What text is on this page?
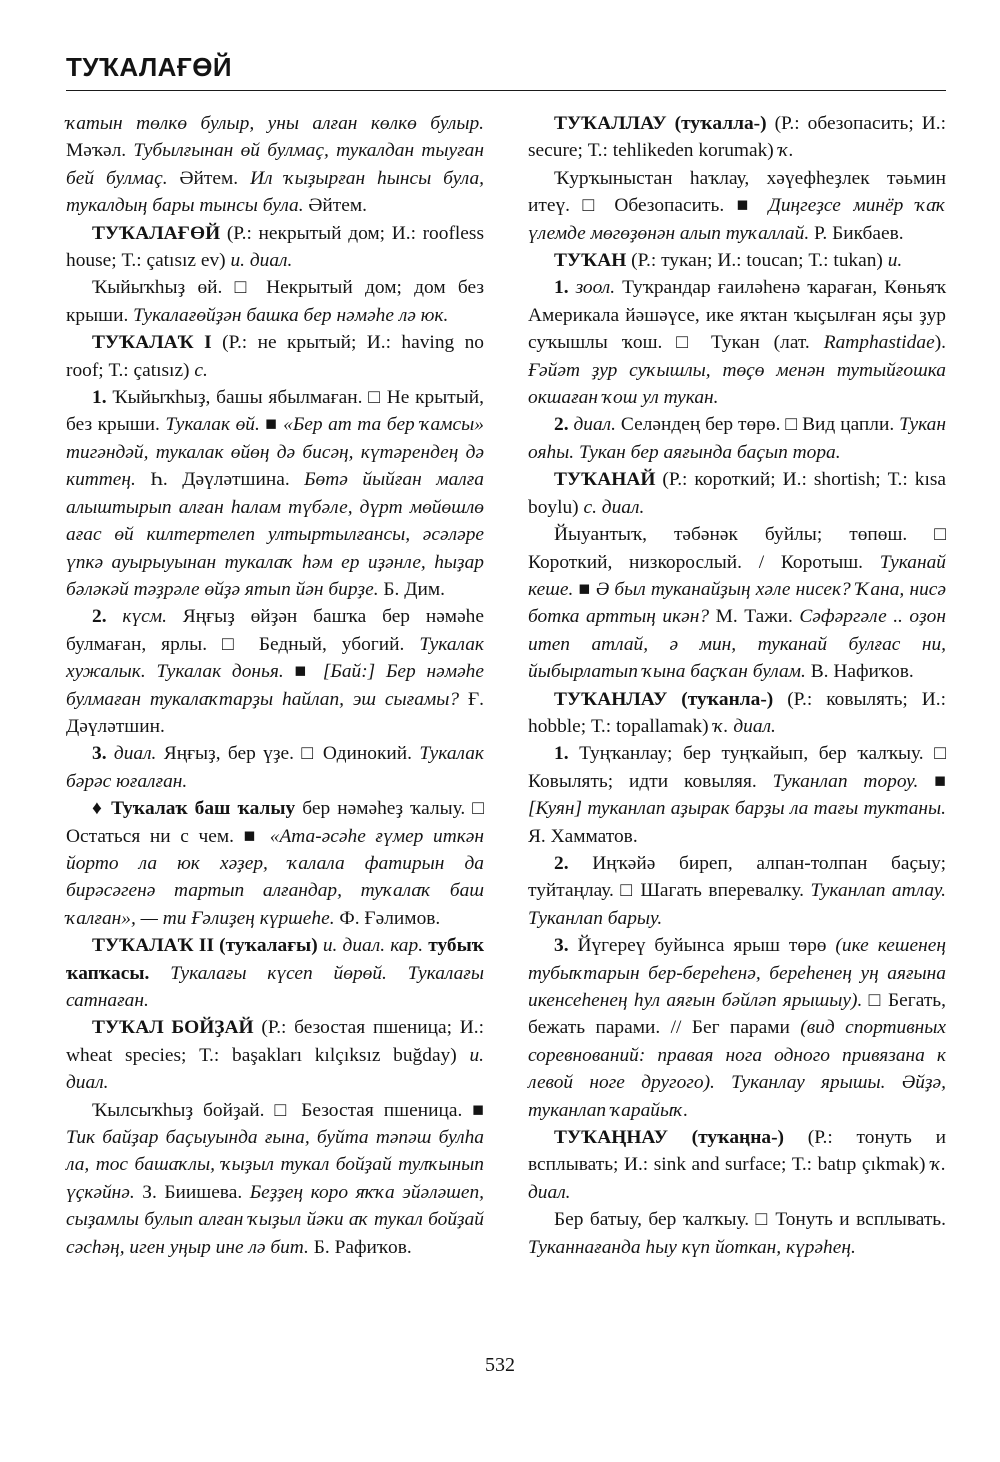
ТУҠАЛАҒӨЙ

ҡатын төлкө булыр, уны алған көлкө булыр. Мәҡәл. Тубылғынан өй булмаç, тукалдан тыуған бей булмаç. Әйтем. Ил ҡыҙырған һынсы була, тукалдың бары тынсы була. Әйтем.

ТУҠАЛАҒӨЙ (Р.: некрытый дом; И.: roofless house; Т.: çatısız ev) и. диал.

Ҡыйыҡһыҙ өй. □ Некрытый дом; дом без крыши. Тукалағөйҙән башка бер нәмәһе лә юк.

ТУҠАЛАҠ I (Р.: не крытый; И.: having no roof; Т.: çatısız) с.

1. Ҡыйыҡһыҙ, башы ябылмаған. □ Не крытый, без крыши. Тукалак өй. ■ «Бер ат та бер ҡамсы» тигәндәй, тукалак өйөң дә бисәң, күтәрендең дә киттең. Һ. Дәүләтшина. Бөтә йыйған малға алыштырып алған һалам түбәле, дүрт мөйөшлө ағас өй килтертелеп ултыртылғансы, әсәләре үпкә ауырыуынан тукалаҡ һәм ер иҙәнле, һыҙар бәләкәй тәҙрәле өйҙә ятып йән бирҙе. Б. Дим.

2. күсм. Яңғыҙ өйҙән башҡа бер нәмәһе булмаған, ярлы. □ Бедный, убогий. Тукалак хужалык. Тукалак донья. ■ [Бай:] Бер нәмәһе булмаған тукалаҡтарҙы һайлап, эш сығамы? Ғ. Дәүләтшин.

3. диал. Яңғыҙ, бер үҙе. □ Одинокий. Тукалак бәрәс юғалған.

♦ Туҡалаҡ баш ҡалыу бер нәмәһеҙ ҡалыу. □ Остаться ни с чем. ■ «Ата-әсәһе ғүмер иткән йорто ла юк хәҙер, ҡалала фатирын да бирәсәгенә тартып алғандар, туҡалаҡ баш ҡалған», — ти Ғәлиҙең күршеһе. Ф. Ғәлимов.

ТУҠАЛАҠ II (туҡалағы) и. диал. кар. тубыҡ ҡапҡасы. Тукалағы күсеп йөрөй. Тукалағы сатнаған.

ТУҠАЛ БОЙҘАЙ (Р.: безостая пшеница; И.: wheat species; Т.: başakları kılçıksız buğday) и. диал.

Ҡылсыҡһыҙ бойҙай. □ Безостая пшеница. ■ Тик байҙар баҫыуында ғына, буйта тәпәш булһа ла, тос башаҡлы, ҡыҙыл тукал бойҙай тулҡынып үҫкәйнә. З. Биишева. Беҙҙең коро яҡҡа эйәләшеп, сыҙамлы булып алған ҡыҙыл йәки аҡ тукал бойҙай сәсһәң, иген уңыр ине лә бит. Б. Рафиҡов.

ТУҠАЛЛАУ (туҡалла-) (Р.: обезопасить; И.: secure; Т.: tehlikeden korumak) ҡ.

Ҡурҡыныстан һаҡлау, хәүефһеҙлек тәьмин итеү. □ Обезопасить. ■ Диңгеҙсе минёр ҡаҡ үлемде мөгөҙөнән алып туҡаллай. Р. Бикбаев.

ТУҠАН (Р.: тукан; И.: toucan; Т.: tukan) и.

1. зоол. Туҡрандар ғаиләһенә ҡараған, Көньяҡ Америкала йәшәүсе, ике яҡтан ҡыҫылған яҫы ҙур суҡышлы ҡош. □ Тукан (лат. Ramphastidae). Ғәйәт ҙур суҡышлы, төҫө менән тутыйғошка окшаған ҡош ул тукан.

2. диал. Селәндең бер төрө. □ Вид цапли. Тукан ояһы. Тукан бер аяғында баҫып тора.

ТУҠАНАЙ (Р.: короткий; И.: shortish; Т.: kısa boylu) с. диал.

Йыуантыҡ, тәбәнәк буйлы; төпөш. □ Короткий, низкорослый. / Коротыш. Туканай кеше. ■ Ә был туканайҙың хәле нисек? Ҡана, нисә ботка арттың икән? М. Тажи. Сәфәргәле .. оҙон итеп атлай, ә мин, туканай булғас ни, йыбырлатып ҡына баҫҡан булам. В. Нафиҡов.

ТУҠАНЛАУ (туҡанла-) (Р.: ковылять; И.: hobble; Т.: topallamak) ҡ. диал.

1. Туңҡанлау; бер туңҡайып, бер ҡалҡыу. □ Ковылять; идти ковыляя. Туканлап тороу. ■ [Куян] туканлап аҙырак барҙы ла тағы туктаны. Я. Хамматов.

2. Иңҡәйә биреп, алпан-толпан баҫыу; туйтаңлау. □ Шагать вперевалку. Туканлап атлау. Туканлап барыу.

3. Йүгереү буйынса ярыш төрө (ике кешенең тубыҡтарын бер-береһенә, береһенең уң аяғына икенсеһенең һул аяғын бәйләп ярышыу). □ Бегать, бежать парами. // Бег парами (вид спортивных соревнований: правая нога одного привязана к левой ноге другого). Туканлау ярышы. Әйҙә, туканлап ҡарайыҡ.

ТУҠАҢНАУ (туҡаңна-) (Р.: тонуть и всплывать; И.: sink and surface; Т.: batıp çıkmak) ҡ. диал.

Бер батыу, бер ҡалҡыу. □ Тонуть и всплывать. Туканнағанда һыу күп йоткан, күрәһең.

532
